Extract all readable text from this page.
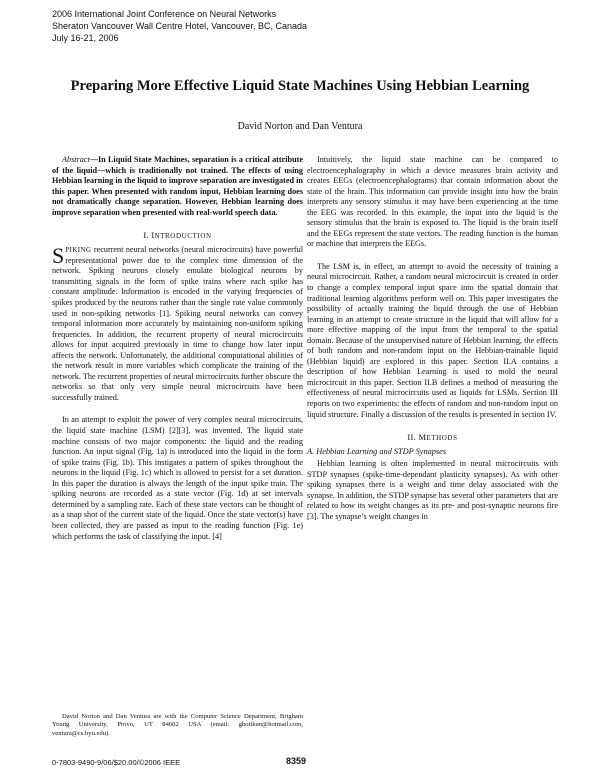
2006 International Joint Conference on Neural Networks
Sheraton Vancouver Wall Centre Hotel, Vancouver, BC, Canada
July 16-21, 2006
Preparing More Effective Liquid State Machines Using Hebbian Learning
David Norton and Dan Ventura

Abstract—In Liquid State Machines, separation is a critical attribute of the liquid—which is traditionally not trained. The effects of using Hebbian learning in the liquid to improve separation are investigated in this paper. When presented with random input, Hebbian learning does not dramatically change separation. However, Hebbian learning does improve separation when presented with real-world speech data.

I. INTRODUCTION

SPIKING recurrent neural networks (neural microcircuits) have powerful representational power due to the complex time dimension of the network. Spiking neurons closely emulate biological neurons by transmitting signals in the form of spike trains where each spike has constant amplitude. Information is encoded in the varying frequencies of spikes produced by the neurons rather than the single rate value commonly used in non-spiking networks [1]. Spiking neural networks can convey temporal information more accurately by maintaining non-uniform spiking frequencies. In addition, the recurrent property of neural microcircuits allows for input acquired previously in time to change how later input affects the network. Unfortunately, the additional computational abilities of the network result in more variables which complicate the training of the network. The recurrent properties of neural microcircuits further obscure the networks so that only very simple neural microcircuits have been successfully trained.

In an attempt to exploit the power of very complex neural microcircuits, the liquid state machine (LSM) [2][3], was invented. The liquid state machine consists of two major components: the liquid and the reading function. An input signal (Fig. 1a) is introduced into the liquid in the form of spike trains (Fig. 1b). This instigates a pattern of spikes throughout the neurons in the liquid (Fig. 1c) which is allowed to persist for a set duration. In this paper the duration is always the length of the input spike train. The spiking neurons are recorded as a state vector (Fig. 1d) at set intervals determined by a sampling rate. Each of these state vectors can be thought of as a snap shot of the current state of the liquid. Once the state vector(s) have been collected, they are passed as input to the reading function (Fig. 1e) which performs the task of classifying the input. [4]

Intuitively, the liquid state machine can be compared to electroencephalography in which a device measures brain activity and creates EEGs (electroencephalograms) that contain information about the state of the brain. This information can provide insight into how the brain interprets any sensory stimulus it may have been experiencing at the time the EEG was recorded. In this example, the input into the liquid is the sensory stimulus that the brain is exposed to. The liquid is the brain itself and the EEGs represent the state vectors. The reading function is the human or machine that interprets the EEGs.

The LSM is, in effect, an attempt to avoid the necessity of training a neural microcircuit. Rather, a random neural microcircuit is created in order to change a complex temporal input space into the spatial domain that traditional learning algorithms perform well on. This paper investigates the possibility of actually training the liquid through the use of Hebbian learning in an attempt to create structure in the liquid that will allow for a more effective mapping of the input from the temporal to the spatial domain. Because of the unsupervised nature of Hebbian learning, the effects of both random and non-random input on the Hebbian-trainable liquid (Hebbian liquid) are explored in this paper. Section II.A contains a description of how Hebbian Learning is used to mold the neural microcircuit in this paper. Section II.B defines a method of measuring the effectiveness of neural microcircuits used as liquids for LSMs. Section III reports on two experiments: the effects of random and non-random input on liquid structure. Finally a discussion of the results is presented in section IV.

II. METHODS
A. Hebbian Learning and STDP Synapses

Hebbian learning is often implemented in neural microcircuits with STDP synapses (spike-time-dependant plasticity synapses). As with other spiking synapses there is a weight and time delay associated with the synapse. In addition, the STDP synapse has several other parameters that are related to how its weight changes as its pre- and post-synaptic neurons fire [3]. The synapse’s weight changes in

David Norton and Dan Ventura are with the Computer Science Department, Brigham Young University, Provo, UT 84602 USA (email: ghotikun@hotmail.com, ventura@cs.byu.edu).
0-7803-9490-9/06/$20.00/©2006 IEEE	8359
